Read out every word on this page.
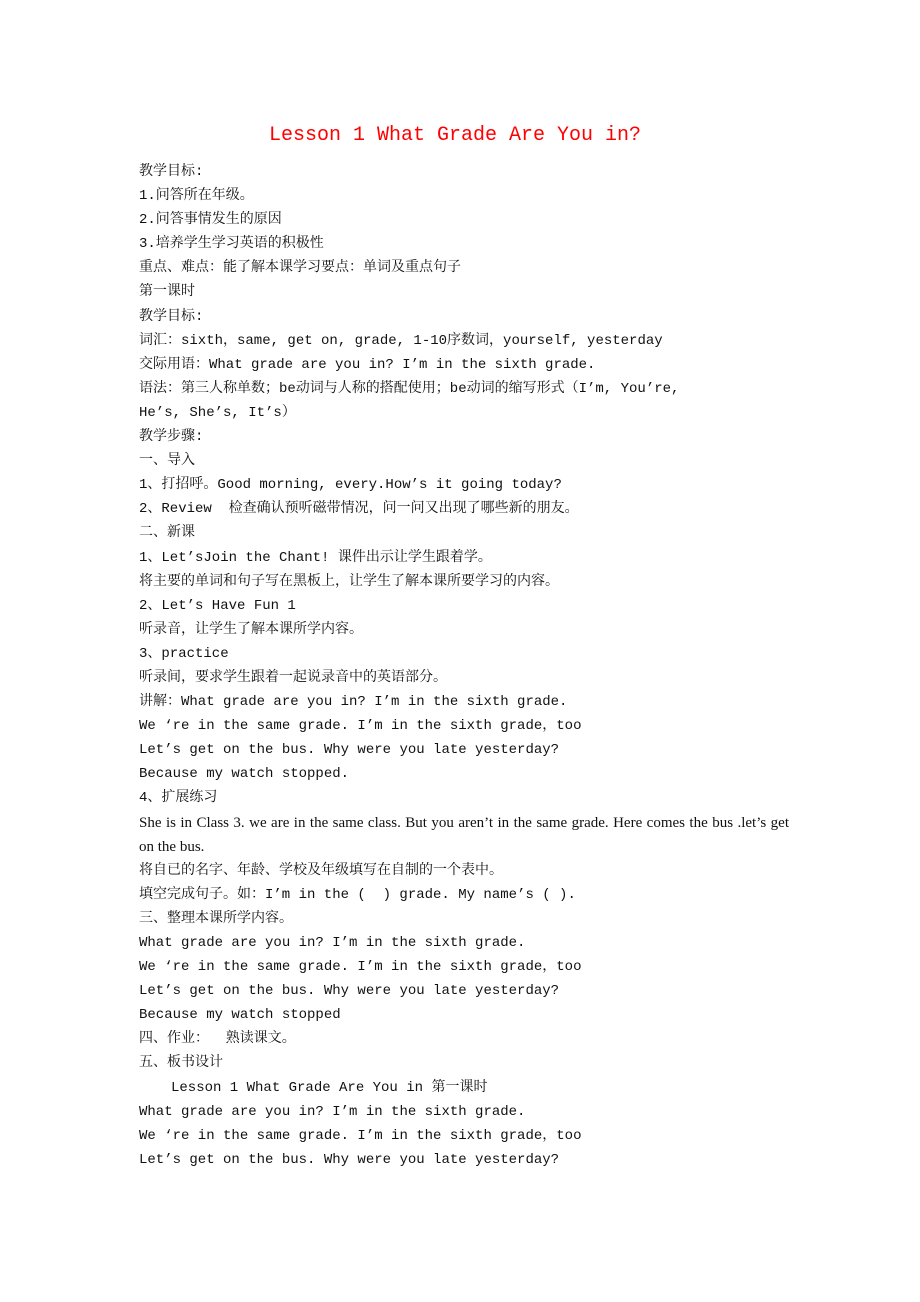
Lesson 1 What Grade Are You in?
教学目标:
1.问答所在年级。
2.问答事情发生的原因
3.培养学生学习英语的积极性
重点、难点：能了解本课学习要点：单词及重点句子
第一课时
教学目标:
词汇：sixth，same, get on, grade, 1-10序数词，yourself, yesterday
交际用语：What grade are you in? I’m in the sixth grade.
语法：第三人称单数；be动词与人称的搭配使用；be动词的缩写形式（I’m, You’re,
He’s, She’s, It’s）
教学步骤:
一、导入
1、打招呼。Good morning, every.How’s it going today?
2、Review  检查确认预听磁带情况，问一问又出现了哪些新的朋友。
二、新课
1、Let’sJoin the Chant! 课件出示让学生跟着学。
将主要的单词和句子写在黑板上，让学生了解本课所要学习的内容。
2、Let’s Have Fun 1
听录音，让学生了解本课所学内容。
3、practice
听录间，要求学生跟着一起说录音中的英语部分。
讲解：What grade are you in? I’m in the sixth grade.
We ‘re in the same grade. I’m in the sixth grade，too
Let’s get on the bus. Why were you late yesterday?
Because my watch stopped.
4、扩展练习
She is in Class 3. we are in the same class. But you aren’t in the same grade. Here comes the bus .let’s get on the bus.
将自已的名字、年龄、学校及年级填写在自制的一个表中。
填空完成句子。如：I’m in the (  ) grade. My name’s ( ).
三、整理本课所学内容。
What grade are you in? I’m in the sixth grade.
We ‘re in the same grade. I’m in the sixth grade，too
Let’s get on the bus. Why were you late yesterday?
Because my watch stopped
四、作业：  熟读课文。
五、板书设计
Lesson 1 What Grade Are You in 第一课时
What grade are you in? I’m in the sixth grade.
We ‘re in the same grade. I’m in the sixth grade，too
Let’s get on the bus. Why were you late yesterday?
